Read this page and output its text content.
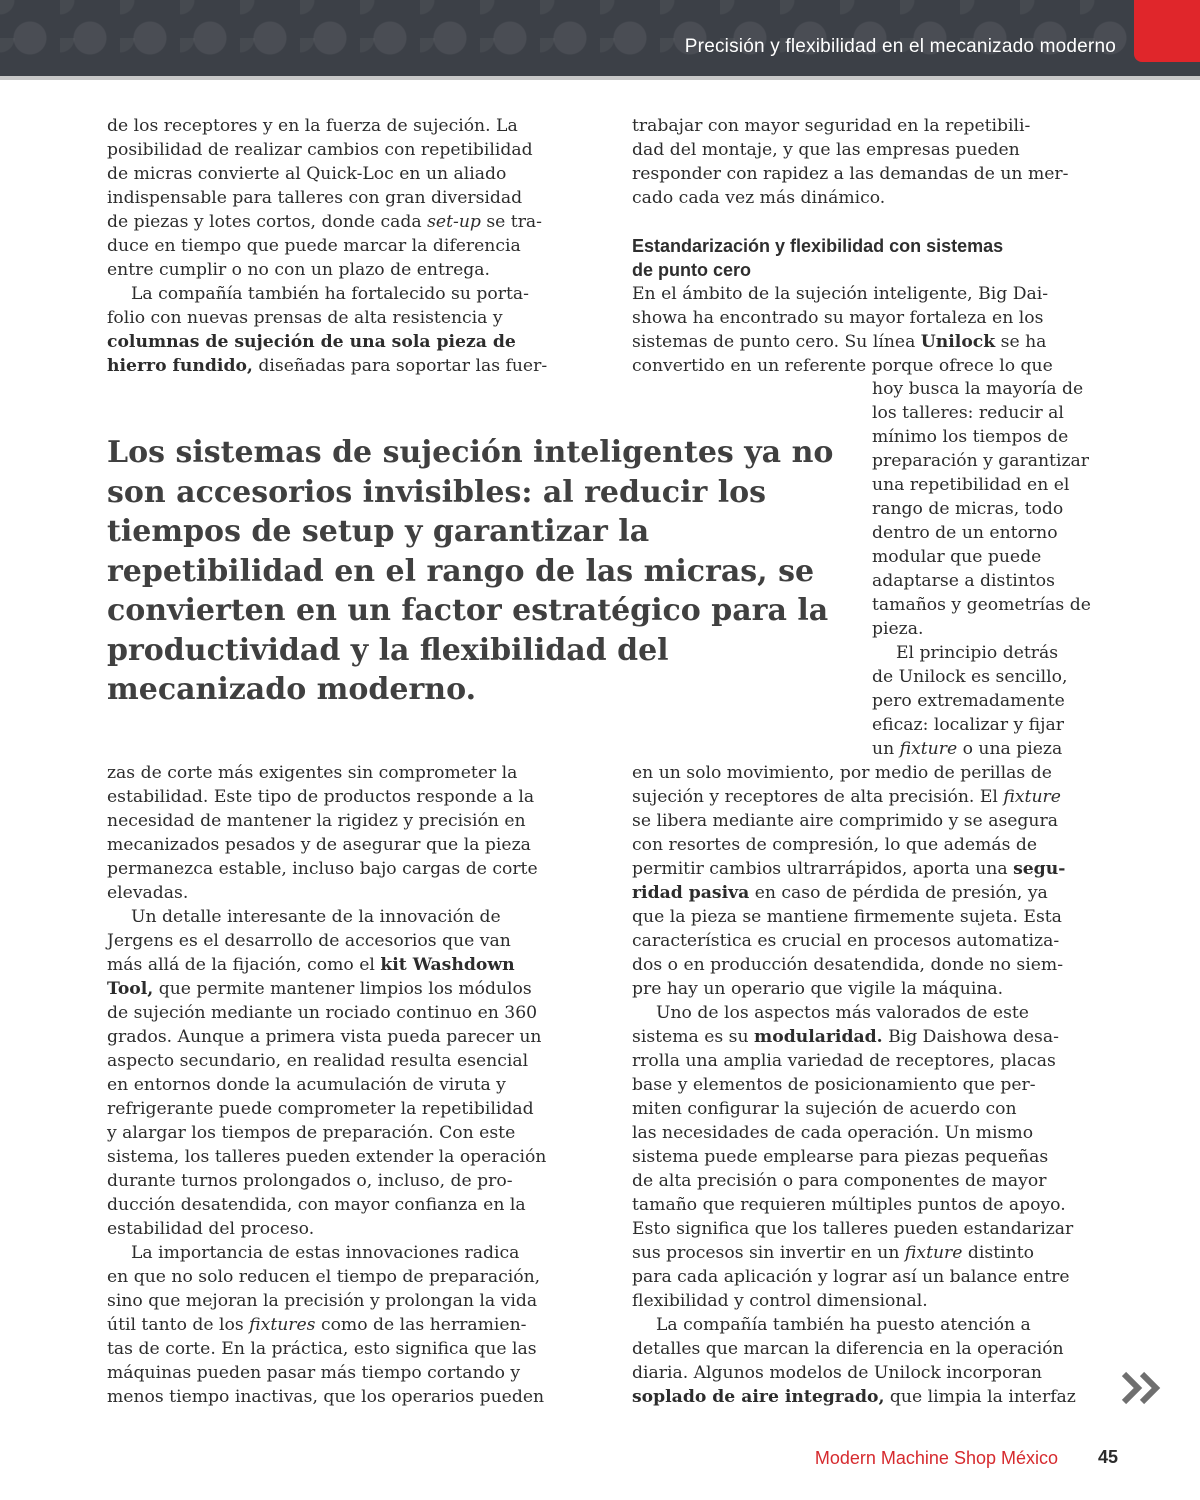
Precisión y flexibilidad en el mecanizado moderno

de los receptores y en la fuerza de sujeción. La

posibilidad de realizar cambios con repetibilidad

de micras convierte al Quick-Loc en un aliado

indispensable para talleres con gran diversidad

de piezas y lotes cortos, donde cada set-up se tra-

duce en tiempo que puede marcar la diferencia

entre cumplir o no con un plazo de entrega.

La compañía también ha fortalecido su porta-

folio con nuevas prensas de alta resistencia y

columnas de sujeción de una sola pieza de

hierro fundido, diseñadas para soportar las fuer-

trabajar con mayor seguridad en la repetibili-

dad del montaje, y que las empresas pueden

responder con rapidez a las demandas de un mer-

cado cada vez más dinámico.

Estandarización y flexibilidad con sistemas

de punto cero

En el ámbito de la sujeción inteligente, Big Dai-

showa ha encontrado su mayor fortaleza en los

sistemas de punto cero. Su línea Unilock se ha

convertido en un referente porque ofrece lo que

hoy busca la mayoría de

los talleres: reducir al

mínimo los tiempos de

preparación y garantizar

una repetibilidad en el

rango de micras, todo

dentro de un entorno

modular que puede

adaptarse a distintos

tamaños y geometrías de

pieza.

El principio detrás

de Unilock es sencillo,

pero extremadamente

eficaz: localizar y fijar

un fixture o una pieza

Los sistemas de sujeción inteligentes ya no son accesorios invisibles: al reducir los tiempos de setup y garantizar la repetibilidad en el rango de las micras, se convierten en un factor estratégico para la productividad y la flexibilidad del mecanizado moderno.

zas de corte más exigentes sin comprometer la

estabilidad. Este tipo de productos responde a la

necesidad de mantener la rigidez y precisión en

mecanizados pesados y de asegurar que la pieza

permanezca estable, incluso bajo cargas de corte

elevadas.

Un detalle interesante de la innovación de

Jergens es el desarrollo de accesorios que van

más allá de la fijación, como el kit Washdown

Tool, que permite mantener limpios los módulos

de sujeción mediante un rociado continuo en 360

grados. Aunque a primera vista pueda parecer un

aspecto secundario, en realidad resulta esencial

en entornos donde la acumulación de viruta y

refrigerante puede comprometer la repetibilidad

y alargar los tiempos de preparación. Con este

sistema, los talleres pueden extender la operación

durante turnos prolongados o, incluso, de pro-

ducción desatendida, con mayor confianza en la

estabilidad del proceso.

La importancia de estas innovaciones radica

en que no solo reducen el tiempo de preparación,

sino que mejoran la precisión y prolongan la vida

útil tanto de los fixtures como de las herramien-

tas de corte. En la práctica, esto significa que las

máquinas pueden pasar más tiempo cortando y

menos tiempo inactivas, que los operarios pueden

en un solo movimiento, por medio de perillas de

sujeción y receptores de alta precisión. El fixture

se libera mediante aire comprimido y se asegura

con resortes de compresión, lo que además de

permitir cambios ultrarrápidos, aporta una segu-

ridad pasiva en caso de pérdida de presión, ya

que la pieza se mantiene firmemente sujeta. Esta

característica es crucial en procesos automatiza-

dos o en producción desatendida, donde no siem-

pre hay un operario que vigile la máquina.

Uno de los aspectos más valorados de este

sistema es su modularidad. Big Daishowa desa-

rrolla una amplia variedad de receptores, placas

base y elementos de posicionamiento que per-

miten configurar la sujeción de acuerdo con

las necesidades de cada operación. Un mismo

sistema puede emplearse para piezas pequeñas

de alta precisión o para componentes de mayor

tamaño que requieren múltiples puntos de apoyo.

Esto significa que los talleres pueden estandarizar

sus procesos sin invertir en un fixture distinto

para cada aplicación y lograr así un balance entre

flexibilidad y control dimensional.

La compañía también ha puesto atención a

detalles que marcan la diferencia en la operación

diaria. Algunos modelos de Unilock incorporan

soplado de aire integrado, que limpia la interfaz

Modern Machine Shop México 45
